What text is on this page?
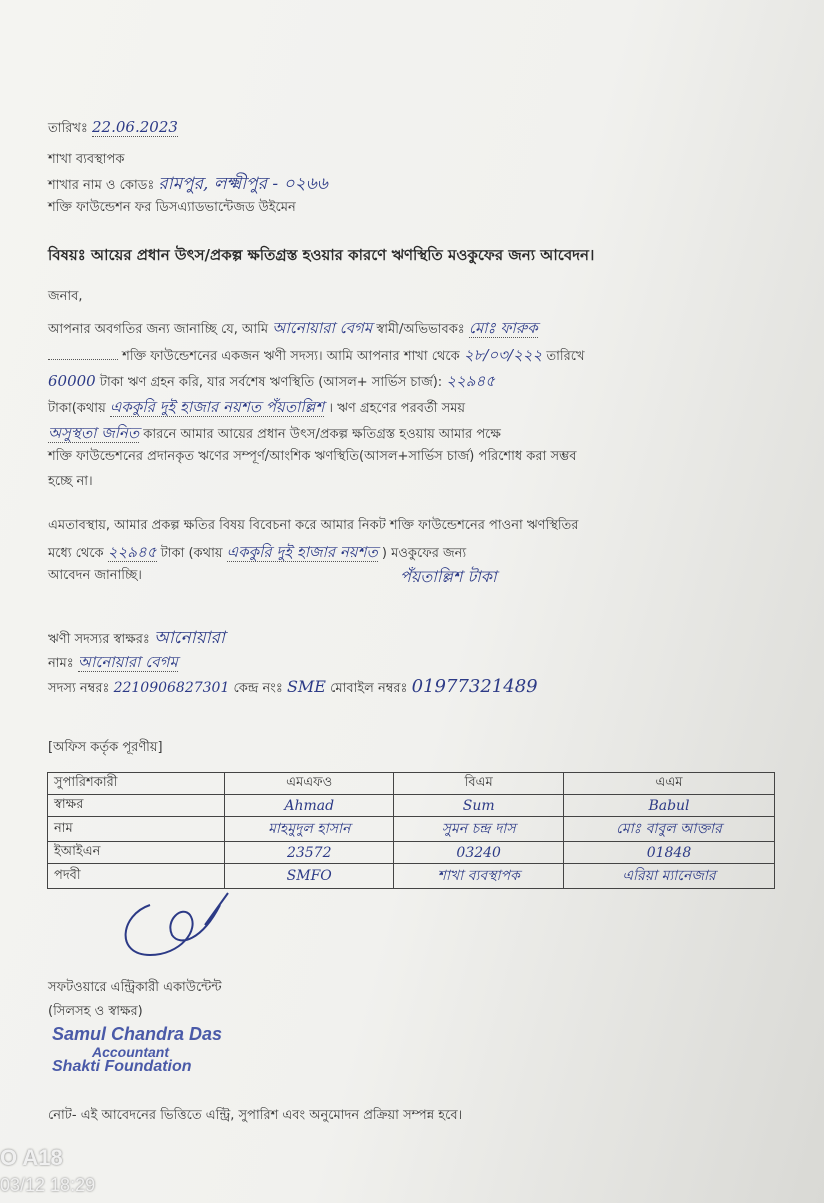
তারিখঃ 22.06.2023
শাখা ব্যবস্থাপক
শাখার নাম ও কোডঃ রামপুর, লক্ষ্মীপুর - ০২৬৬
শক্তি ফাউন্ডেশন ফর ডিসএ্যাডভান্টেজড উইমেন
বিষয়ঃ আয়ের প্রধান উৎস/প্রকল্প ক্ষতিগ্রস্ত হওয়ার কারণে ঋণস্থিতি মওকুফের জন্য আবেদন।
জনাব,
আপনার অবগতির জন্য জানাচ্ছি যে, আমি আনোয়ারা বেগম স্বামী/অভিভাবকঃ মোঃ ফারুক
শক্তি ফাউন্ডেশনের একজন ঋণী সদস্য। আমি আপনার শাখা থেকে ২৮/০৩/২২২ তারিখে
60000 টাকা ঋণ গ্রহন করি, যার সর্বশেষ ঋণস্থিতি (আসল+ সার্ভিস চার্জ): ২২৯৪৫
টাকা(কথায় এককুরি দুই হাজার নয়শত পঁয়তাল্লিশ । ঋণ গ্রহণের পরবর্তী সময়
অসুস্থতা জনিত কারনে আমার আয়ের প্রধান উৎস/প্রকল্প ক্ষতিগ্রস্ত হওয়ায় আমার পক্ষে
শক্তি ফাউন্ডেশনের প্রদানকৃত ঋণের সম্পূর্ণ/আংশিক ঋণস্থিতি(আসল+সার্ভিস চার্জ) পরিশোধ করা সম্ভব
হচ্ছে না।
এমতাবস্থায়, আমার প্রকল্প ক্ষতির বিষয় বিবেচনা করে আমার নিকট শক্তি ফাউন্ডেশনের পাওনা ঋণস্থিতির
মধ্যে থেকে ২২৯৪৫ টাকা (কথায় এককুরি দুই হাজার নয়শত ) মওকুফের জন্য
আবেদন জানাচ্ছি।	পঁয়তাল্লিশ টাকা
ঋণী সদস্যর স্বাক্ষরঃ আনোয়ারা
নামঃ আনোয়ারা বেগম
সদস্য নম্বরঃ 2210906827301 কেন্দ্র নংঃ SME মোবাইল নম্বরঃ 01977321489
[অফিস কর্তৃক পূরণীয়]
সুপারিশকারী	এমএফও	বিএম	এএম
স্বাক্ষর	Ahmad	Sum	Babul
নাম	মাহমুদুল হাসান	সুমন চন্দ্র দাস	মোঃ বাবুল আক্তার
ইআইএন	23572	03240	01848
পদবী	SMFO	শাখা ব্যবস্থাপক	এরিয়া ম্যানেজার
সফটওয়ারে এন্ট্রিকারী একাউন্টেন্ট
(সিলসহ ও স্বাক্ষর)
Samul Chandra Das
Accountant
Shakti Foundation
নোট- এই আবেদনের ভিত্তিতে এন্ট্রি, সুপারিশ এবং অনুমোদন প্রক্রিয়া সম্পন্ন হবে।
O A18
03/12 18:29
